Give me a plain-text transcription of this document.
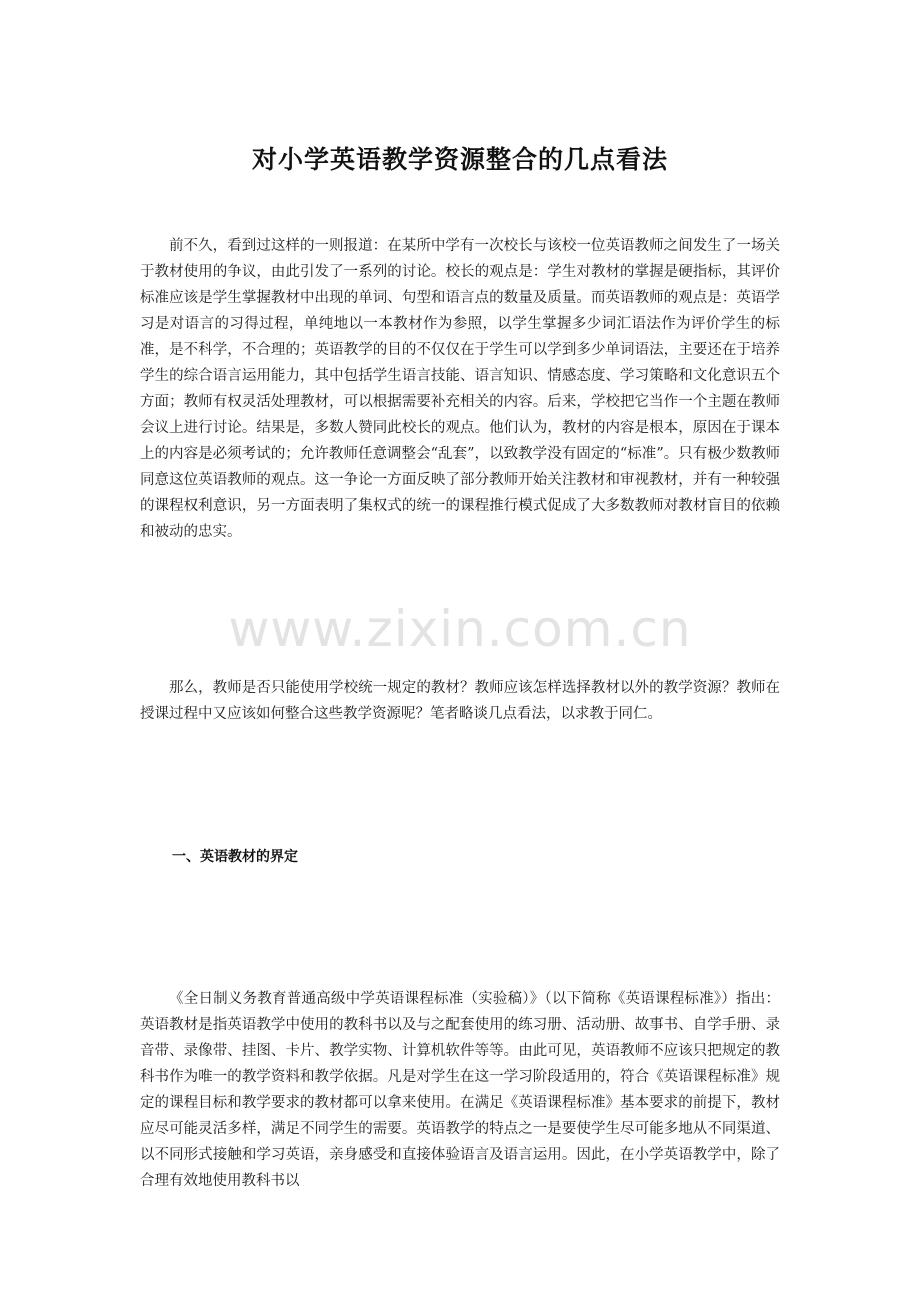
对小学英语教学资源整合的几点看法

前不久，看到过这样的一则报道：在某所中学有一次校长与该校一位英语教师之间发生了一场关于教材使用的争议，由此引发了一系列的讨论。校长的观点是：学生对教材的掌握是硬指标，其评价标准应该是学生掌握教材中出现的单词、句型和语言点的数量及质量。而英语教师的观点是：英语学习是对语言的习得过程，单纯地以一本教材作为参照，以学生掌握多少词汇语法作为评价学生的标准，是不科学，不合理的；英语教学的目的不仅仅在于学生可以学到多少单词语法，主要还在于培养学生的综合语言运用能力，其中包括学生语言技能、语言知识、情感态度、学习策略和文化意识五个方面；教师有权灵活处理教材，可以根据需要补充相关的内容。后来，学校把它当作一个主题在教师会议上进行讨论。结果是，多数人赞同此校长的观点。他们认为，教材的内容是根本，原因在于课本上的内容是必须考试的；允许教师任意调整会“乱套”，以致教学没有固定的“标准”。只有极少数教师同意这位英语教师的观点。这一争论一方面反映了部分教师开始关注教材和审视教材，并有一种较强的课程权利意识，另一方面表明了集权式的统一的课程推行模式促成了大多数教师对教材盲目的依赖和被动的忠实。

www.zixin.com.cn

那么，教师是否只能使用学校统一规定的教材？教师应该怎样选择教材以外的教学资源？教师在授课过程中又应该如何整合这些教学资源呢？笔者略谈几点看法，以求教于同仁。

一、英语教材的界定

《全日制义务教育普通高级中学英语课程标准（实验稿）》（以下简称《英语课程标准》）指出：英语教材是指英语教学中使用的教科书以及与之配套使用的练习册、活动册、故事书、自学手册、录音带、录像带、挂图、卡片、教学实物、计算机软件等等。由此可见，英语教师不应该只把规定的教科书作为唯一的教学资料和教学依据。凡是对学生在这一学习阶段适用的，符合《英语课程标准》规定的课程目标和教学要求的教材都可以拿来使用。在满足《英语课程标准》基本要求的前提下，教材应尽可能灵活多样，满足不同学生的需要。英语教学的特点之一是要使学生尽可能多地从不同渠道、以不同形式接触和学习英语，亲身感受和直接体验语言及语言运用。因此，在小学英语教学中，除了合理有效地使用教科书以
